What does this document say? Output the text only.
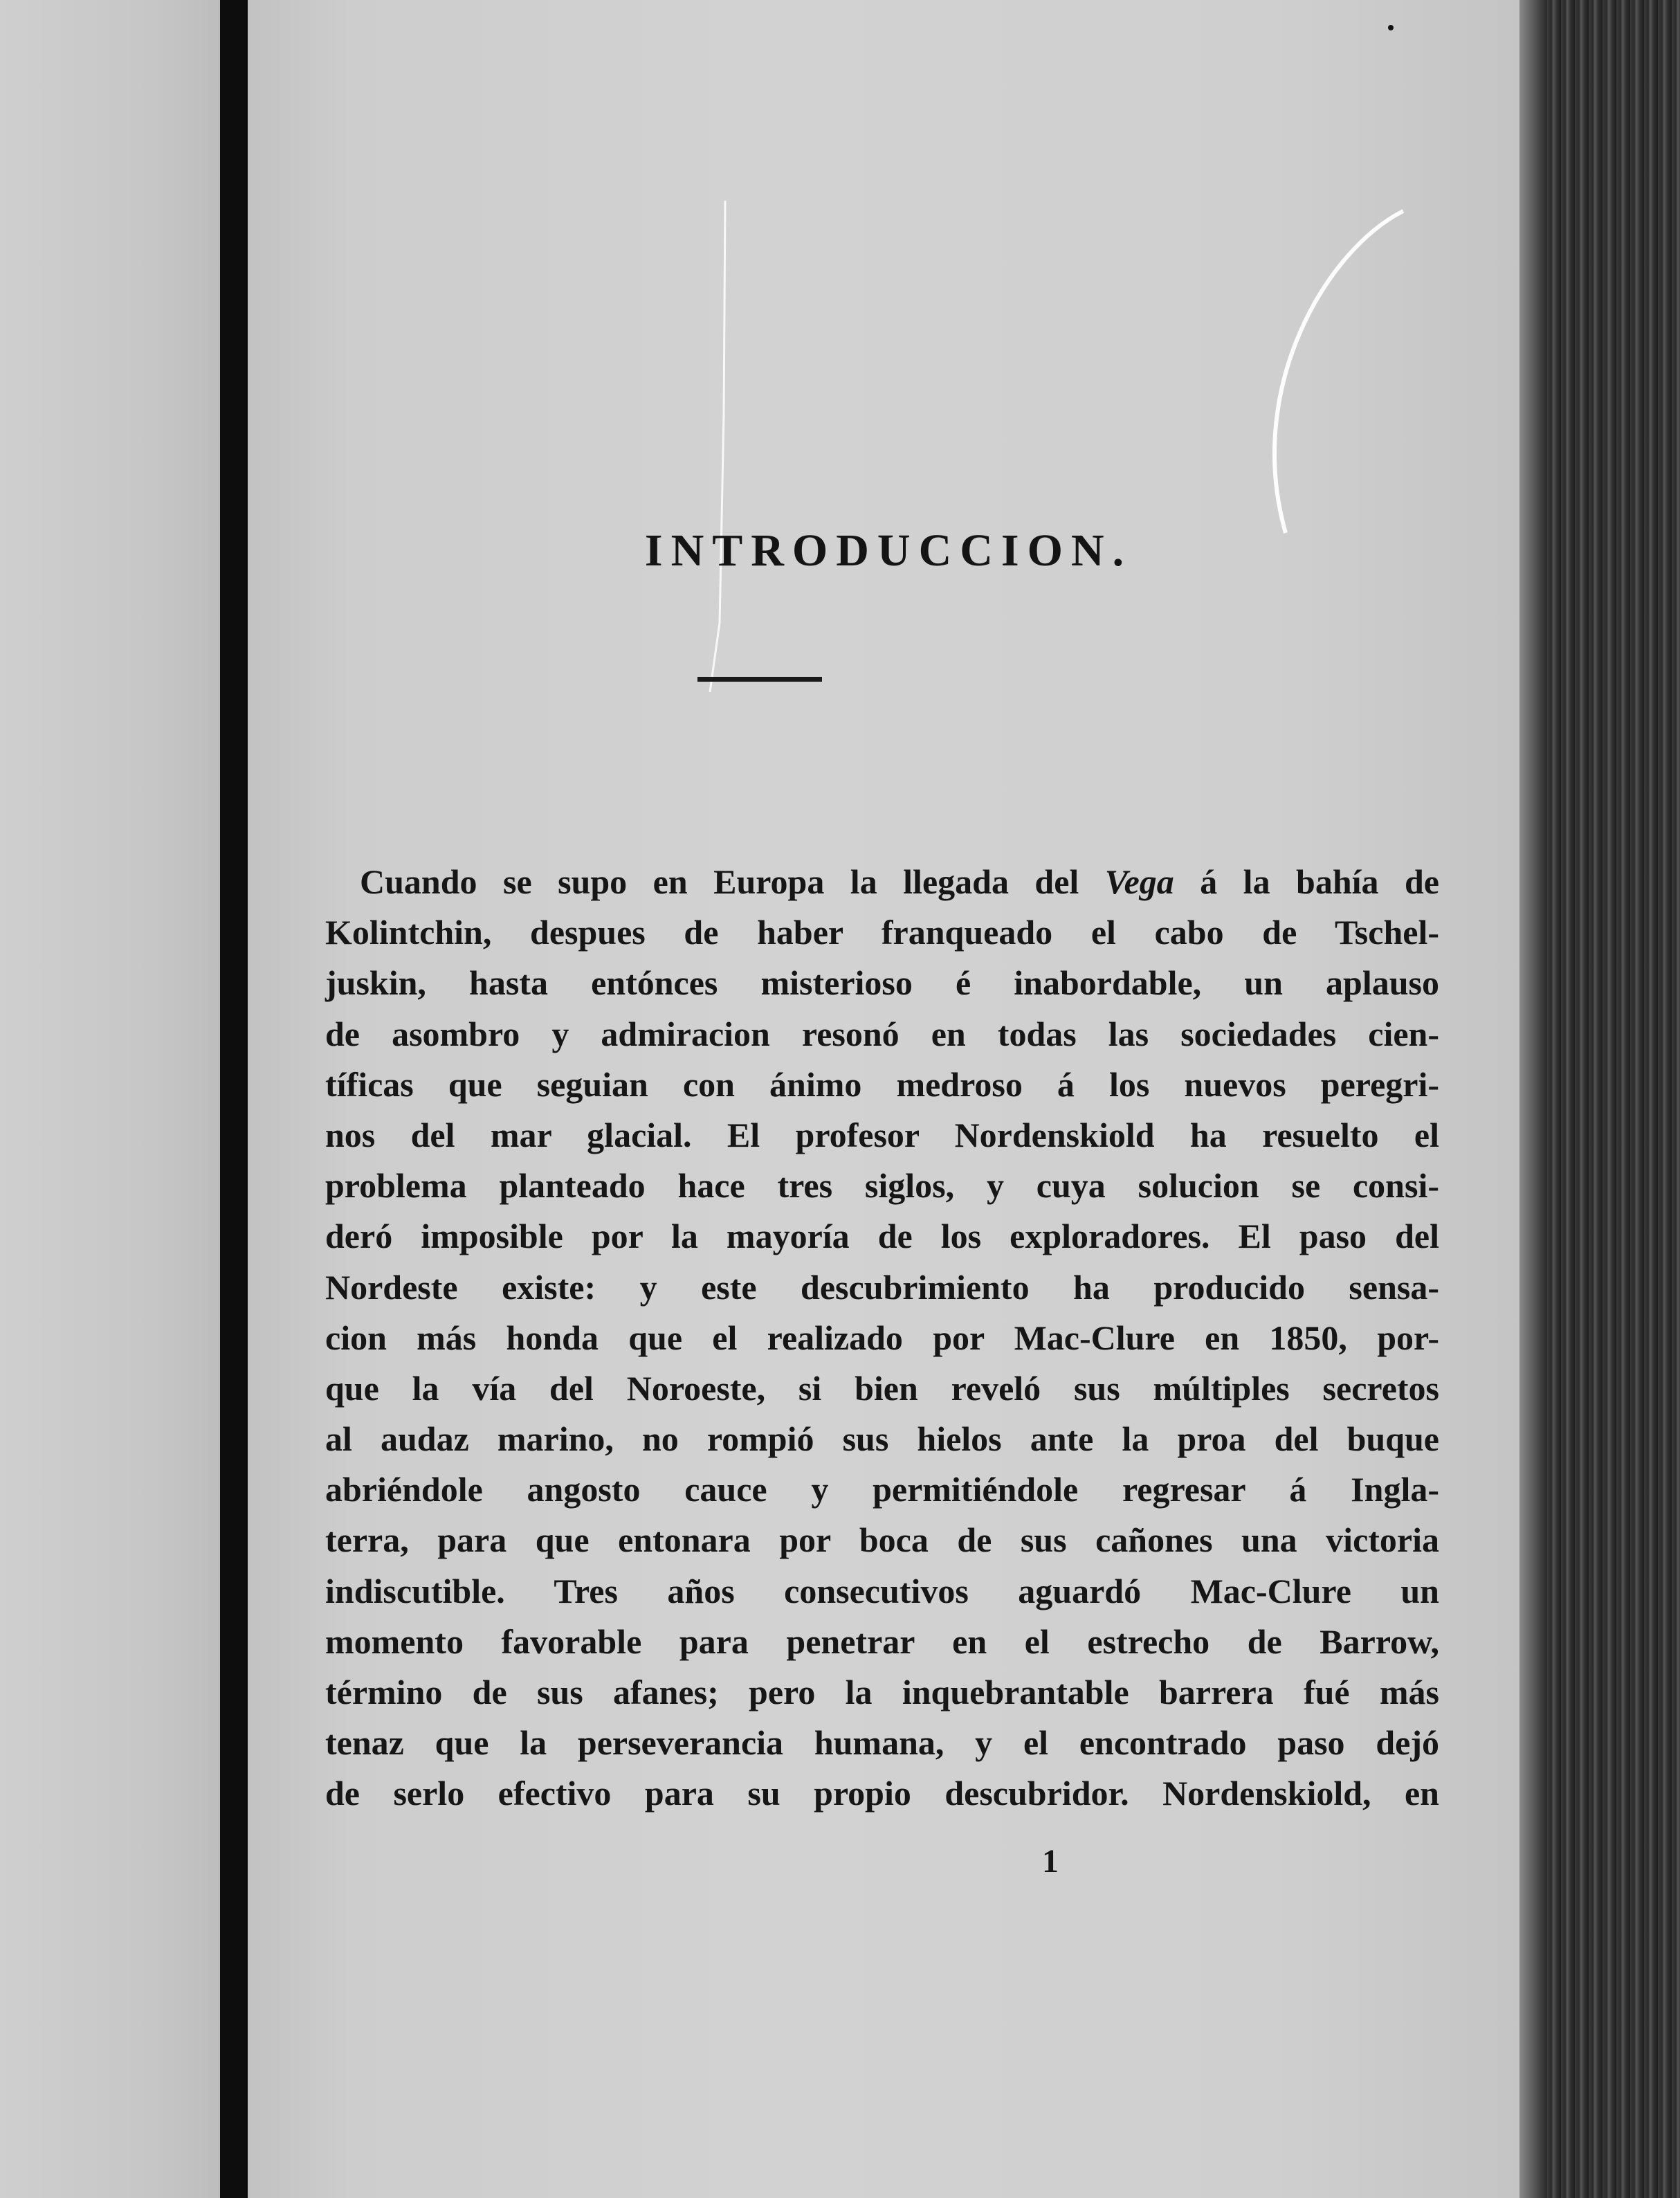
INTRODUCCION.
Cuando se supo en Europa la llegada del Vega á la bahía de
Kolintchin, despues de haber franqueado el cabo de Tschel-
juskin, hasta entónces misterioso é inabordable, un aplauso
de asombro y admiracion resonó en todas las sociedades cien-
tíficas que seguian con ánimo medroso á los nuevos peregri-
nos del mar glacial. El profesor Nordenskiold ha resuelto el
problema planteado hace tres siglos, y cuya solucion se consi-
deró imposible por la mayoría de los exploradores. El paso del
Nordeste existe: y este descubrimiento ha producido sensa-
cion más honda que el realizado por Mac-Clure en 1850, por-
que la vía del Noroeste, si bien reveló sus múltiples secretos
al audaz marino, no rompió sus hielos ante la proa del buque
abriéndole angosto cauce y permitiéndole regresar á Ingla-
terra, para que entonara por boca de sus cañones una victoria
indiscutible. Tres años consecutivos aguardó Mac-Clure un
momento favorable para penetrar en el estrecho de Barrow,
término de sus afanes; pero la inquebrantable barrera fué más
tenaz que la perseverancia humana, y el encontrado paso dejó
de serlo efectivo para su propio descubridor. Nordenskiold, en
1
